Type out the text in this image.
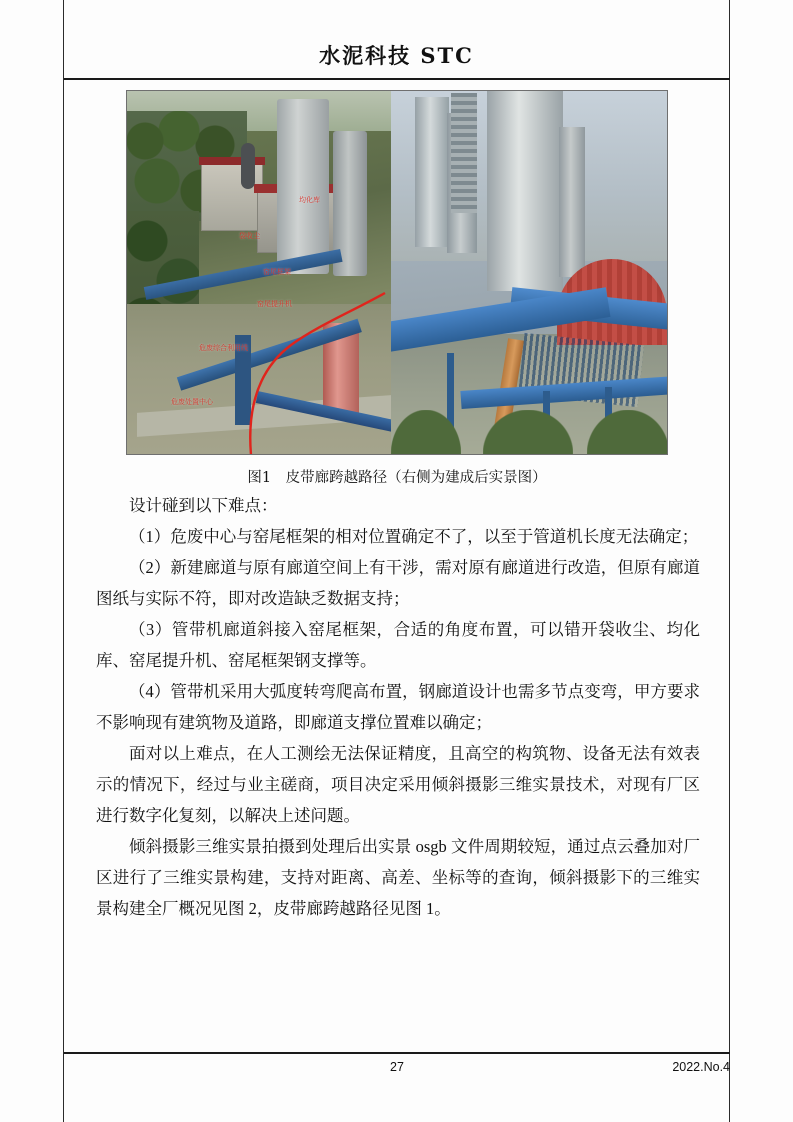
水泥科技 STC
均化库
袋收尘
窑尾框架
窑尾提升机
危废综合利用线
危废处置中心
图1　皮带廊跨越路径（右侧为建成后实景图）

设计碰到以下难点：

（1）危废中心与窑尾框架的相对位置确定不了，以至于管道机长度无法确定；

（2）新建廊道与原有廊道空间上有干涉，需对原有廊道进行改造，但原有廊道图纸与实际不符，即对改造缺乏数据支持；

（3）管带机廊道斜接入窑尾框架，合适的角度布置，可以错开袋收尘、均化库、窑尾提升机、窑尾框架钢支撑等。

（4）管带机采用大弧度转弯爬高布置，钢廊道设计也需多节点变弯，甲方要求不影响现有建筑物及道路，即廊道支撑位置难以确定；

面对以上难点，在人工测绘无法保证精度，且高空的构筑物、设备无法有效表示的情况下，经过与业主磋商，项目决定采用倾斜摄影三维实景技术，对现有厂区进行数字化复刻，以解决上述问题。

倾斜摄影三维实景拍摄到处理后出实景 osgb 文件周期较短，通过点云叠加对厂区进行了三维实景构建，支持对距离、高差、坐标等的查询，倾斜摄影下的三维实景构建全厂概况见图 2，皮带廊跨越路径见图 1。

27	2022.No.4
